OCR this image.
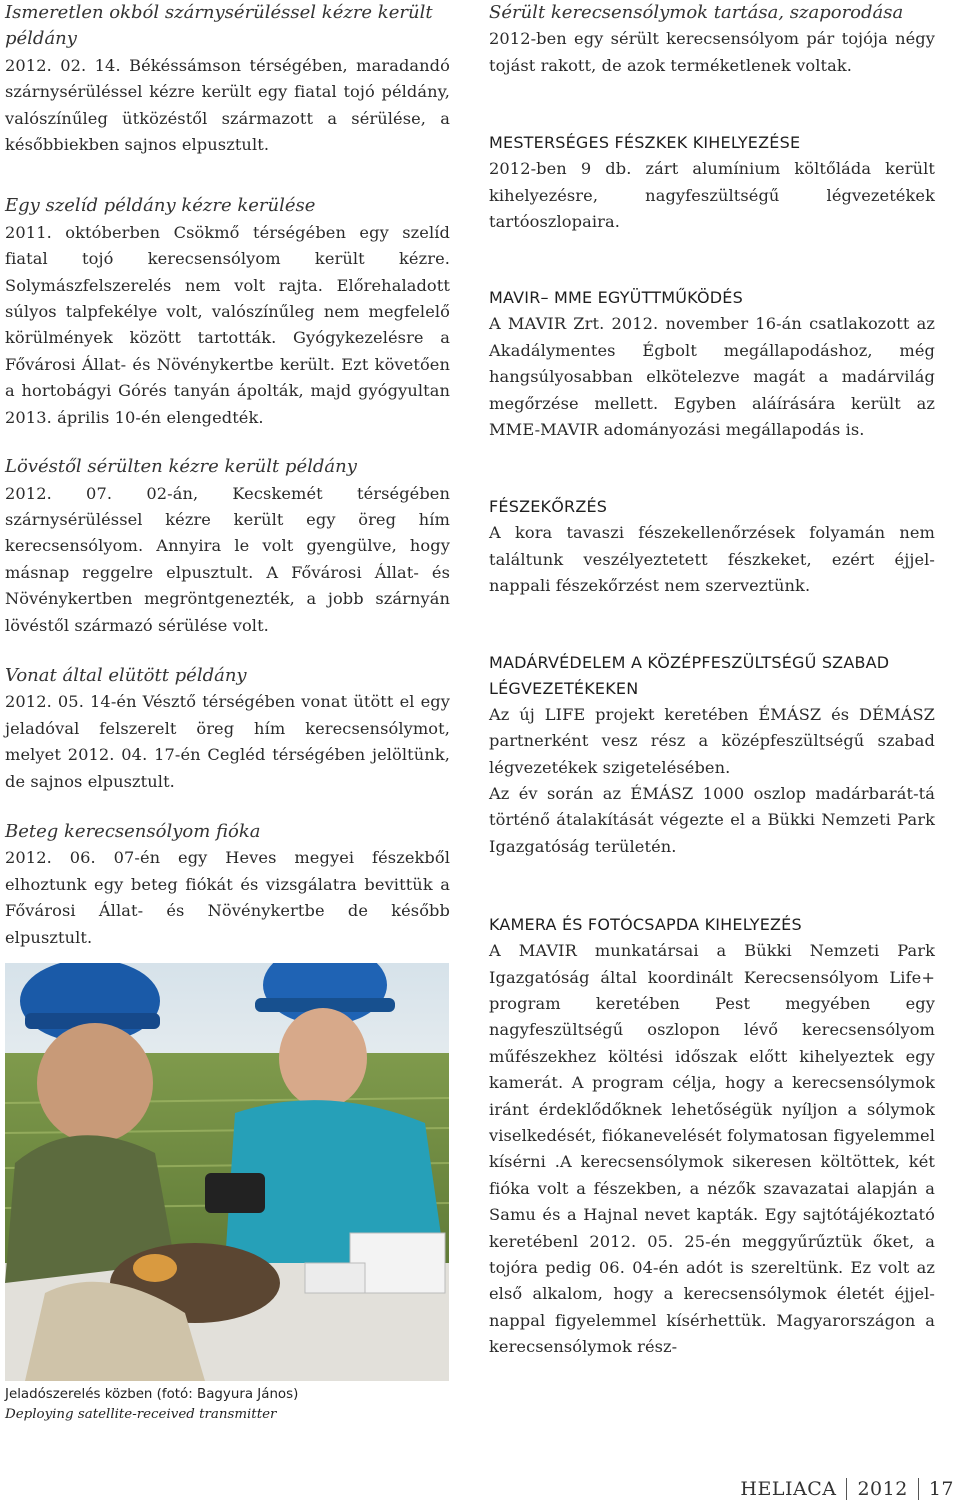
Ismeretlen okból szárnysérüléssel kézre került példány

2012. 02. 14. Békéssámson térségében, maradandó szárnysérüléssel kézre került egy fiatal tojó példány, valószínűleg ütközéstől származott a sérülése, a későbbiekben sajnos elpusztult.

Egy szelíd példány kézre kerülése

2011. októberben Csökmő térségében egy szelíd fiatal tojó kerecsensólyom került kézre. Solymászfelszerelés nem volt rajta. Előrehaladott súlyos talpfekélye volt, valószínűleg nem megfelelő körülmények között tartották. Gyógykezelésre a Fővárosi Állat- és Növénykertbe került. Ezt követően a hortobágyi Górés tanyán ápolták, majd gyógyultan 2013. április 10-én elengedték.

Lövéstől sérülten kézre került példány

2012. 07. 02-án, Kecskemét térségében szárnysérüléssel kézre került egy öreg hím kerecsensólyom. Annyira le volt gyengülve, hogy másnap reggelre elpusztult. A Fővárosi Állat- és Növénykertben megröntgenezték, a jobb szárnyán lövéstől származó sérülése volt.

Vonat által elütött példány

2012. 05. 14-én Vésztő térségében vonat ütött el egy jeladóval felszerelt öreg hím kerecsensólymot, melyet 2012. 04. 17-én Cegléd térségében jelöltünk, de sajnos elpusztult.

Beteg kerecsensólyom fióka

2012. 06. 07-én egy Heves megyei fészekből elhoztunk egy beteg fiókát és vizsgálatra bevittük a Fővárosi Állat- és Növénykertbe de később elpusztult.

Jeladószerelés közben (fotó: Bagyura János)

Deploying satellite-received transmitter

Sérült kerecsensólymok tartása, szaporodása

2012-ben egy sérült kerecsensólyom pár tojója négy tojást rakott, de azok terméketlenek voltak.

MESTERSÉGES FÉSZKEK KIHELYEZÉSE

2012-ben 9 db. zárt alumínium költőláda került kihelyezésre, nagyfeszültségű légvezetékek tartóoszlopaira.

MAVIR– MME EGYÜTTMŰKÖDÉS

A MAVIR Zrt. 2012. november 16-án csatlakozott az Akadálymentes Égbolt megállapodáshoz, még hangsúlyosabban elkötelezve magát a madárvilág megőrzése mellett. Egyben aláírására került az MME-MAVIR adományozási megállapodás is.

FÉSZEKŐRZÉS

A kora tavaszi fészekellenőrzések folyamán nem találtunk veszélyeztetett fészkeket, ezért éjjel-nappali fészekőrzést nem szerveztünk.

MADÁRVÉDELEM A KÖZÉPFESZÜLTSÉGŰ SZABAD LÉGVEZETÉKEKEN

Az új LIFE projekt keretében ÉMÁSZ és DÉMÁSZ partnerként vesz rész a középfeszültségű szabad légvezetékek szigetelésében.

Az év során az ÉMÁSZ 1000 oszlop madárbarát-tá történő átalakítását végezte el a Bükki Nemzeti Park Igazgatóság területén.

KAMERA ÉS FOTÓCSAPDA KIHELYEZÉS

A MAVIR munkatársai a Bükki Nemzeti Park Igazgatóság által koordinált Kerecsensólyom Life+ program keretében Pest megyében egy nagyfeszültségű oszlopon lévő kerecsensólyom műfészekhez költési időszak előtt kihelyeztek egy kamerát. A program célja, hogy a kerecsensólymok iránt érdeklődőknek lehetőségük nyíljon a sólymok viselkedését, fiókanevelését folymatosan figyelemmel kísérni .A kerecsensólymok sikeresen költöttek, két fióka volt a fészekben, a nézők szavazatai alapján a Samu és a Hajnal nevet kapták. Egy sajtótájékoztató keretébenl 2012. 05. 25-én meggyűrűztük őket, a tojóra pedig 06. 04-én adót is szereltünk. Ez volt az első alkalom, hogy a kerecsensólymok életét éjjel-nappal figyelemmel kísérhettük. Magyarországon a kerecsensólymok rész-

HELIACA 2012 17
